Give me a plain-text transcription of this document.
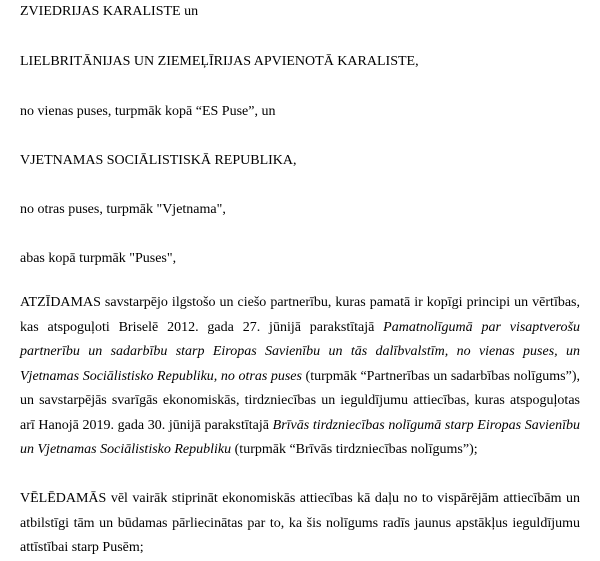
ZVIEDRIJAS KARALISTE un
LIELBRITĀNIJAS UN ZIEMEĻĪRIJAS APVIENOTĀ KARALISTE,
no vienas puses, turpmāk kopā “ES Puse”, un
VJETNAMAS SOCIĀLISTISKĀ REPUBLIKA,
no otras puses, turpmāk "Vjetnama",
abas kopā turpmāk "Puses",
ATZĪDAMAS savstarpējo ilgstošo un ciešo partnerību, kuras pamatā ir kopīgi principi un vērtības,
kas atspoguļoti Briselē 2012. gada 27. jūnijā parakstītajā Pamatnolīgumā par visaptverošu
partnerību un sadarbību starp Eiropas Savienību un tās dalībvalstīm, no vienas puses, un
Vjetnamas Sociālistisko Republiku, no otras puses (turpmāk “Partnerības un sadarbības nolīgums”),
un savstarpējās svarīgās ekonomiskās, tirdzniecības un ieguldījumu attiecības, kuras atspoguļotas
arī Hanojā 2019. gada 30. jūnijā parakstītajā Brīvās tirdzniecības nolīgumā starp Eiropas Savienību
un Vjetnamas Sociālistisko Republiku (turpmāk “Brīvās tirdzniecības nolīgums”);
VĒLĒDAMĀS vēl vairāk stiprināt ekonomiskās attiecības kā daļu no to vispārējām attiecībām un
atbilstīgi tām un būdamas pārliecinātas par to, ka šis nolīgums radīs jaunus apstākļus ieguldījumu
attīstībai starp Pusēm;
